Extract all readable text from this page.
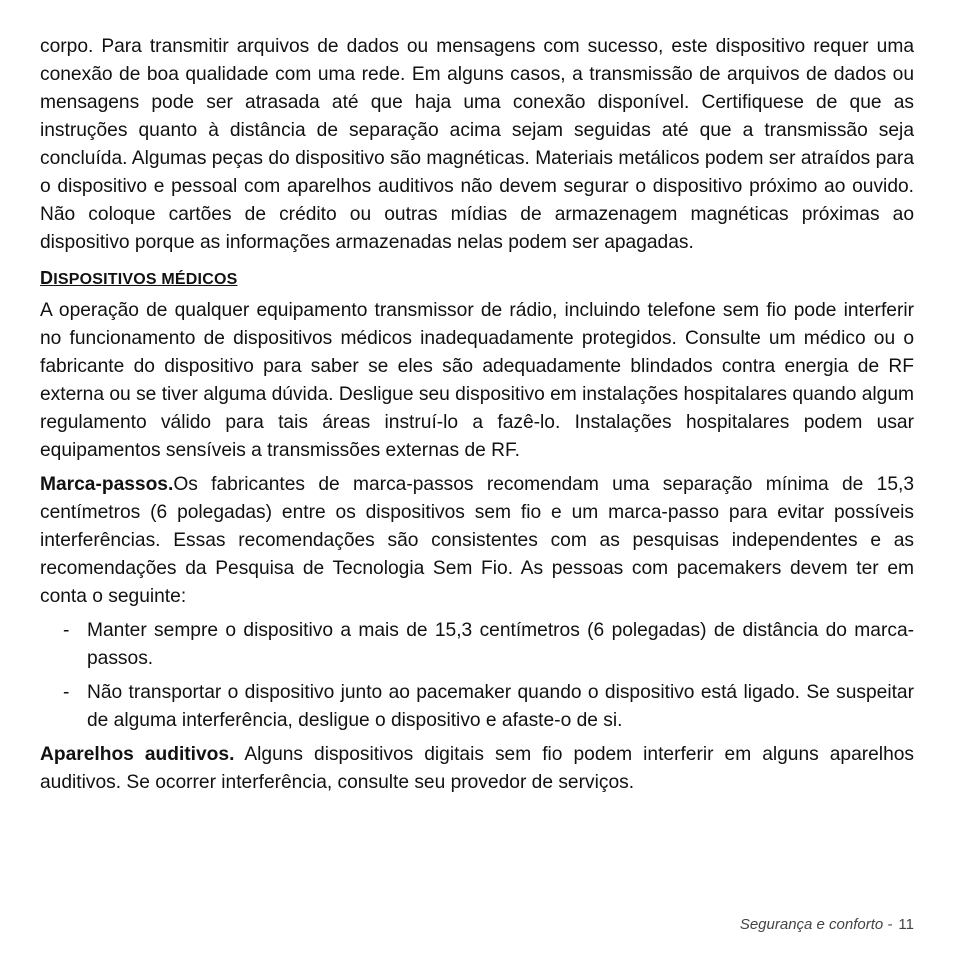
corpo. Para transmitir arquivos de dados ou mensagens com sucesso, este dispositivo requer uma conexão de boa qualidade com uma rede. Em alguns casos, a transmissão de arquivos de dados ou mensagens pode ser atrasada até que haja uma conexão disponível. Certifiquese de que as instruções quanto à distância de separação acima sejam seguidas até que a transmissão seja concluída. Algumas peças do dispositivo são magnéticas. Materiais metálicos podem ser atraídos para o dispositivo e pessoal com aparelhos auditivos não devem segurar o dispositivo próximo ao ouvido. Não coloque cartões de crédito ou outras mídias de armazenagem magnéticas próximas ao dispositivo porque as informações armazenadas nelas podem ser apagadas.

DISPOSITIVOS MÉDICOS

A operação de qualquer equipamento transmissor de rádio, incluindo telefone sem fio pode interferir no funcionamento de dispositivos médicos inadequadamente protegidos. Consulte um médico ou o fabricante do dispositivo para saber se eles são adequadamente blindados contra energia de RF externa ou se tiver alguma dúvida. Desligue seu dispositivo em instalações hospitalares quando algum regulamento válido para tais áreas instruí-lo a fazê-lo. Instalações hospitalares podem usar equipamentos sensíveis a transmissões externas de RF.

Marca-passos.Os fabricantes de marca-passos recomendam uma separação mínima de 15,3 centímetros (6 polegadas) entre os dispositivos sem fio e um marca-passo para evitar possíveis interferências. Essas recomendações são consistentes com as pesquisas independentes e as recomendações da Pesquisa de Tecnologia Sem Fio. As pessoas com pacemakers devem ter em conta o seguinte:

- Manter sempre o dispositivo a mais de 15,3 centímetros (6 polegadas) de distância do marca-passos.
- Não transportar o dispositivo junto ao pacemaker quando o dispositivo está ligado. Se suspeitar de alguma interferência, desligue o dispositivo e afaste-o de si.

Aparelhos auditivos. Alguns dispositivos digitais sem fio podem interferir em alguns aparelhos auditivos. Se ocorrer interferência, consulte seu provedor de serviços.

Segurança e conforto - 11
